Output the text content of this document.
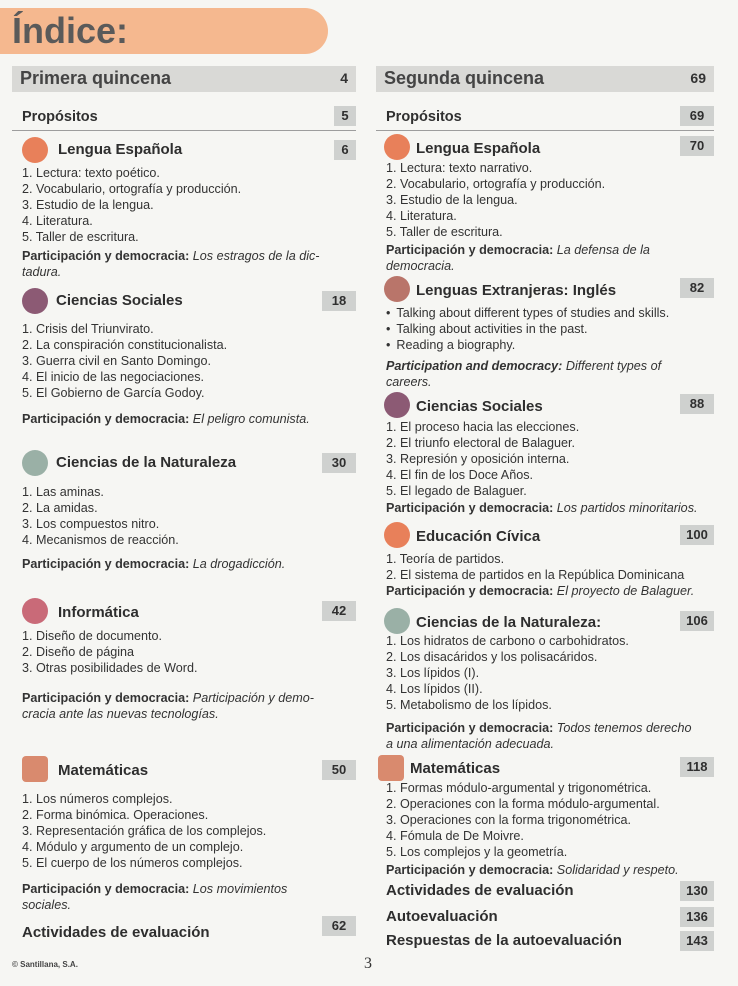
Índice:
Primera quincena	4
Propósitos	5
Lengua Española	6
1. Lectura: texto poético.
2. Vocabulario, ortografía y producción.
3. Estudio de la lengua.
4. Literatura.
5. Taller de escritura.
Participación y democracia: Los estragos de la dic-
tadura.
Ciencias Sociales	18
1. Crisis del Triunvirato.
2. La conspiración constitucionalista.
3. Guerra civil en Santo Domingo.
4. El inicio de las negociaciones.
5. El Gobierno de García Godoy.
Participación y democracia: El peligro comunista.
Ciencias de la Naturaleza	30
1. Las aminas.
2. La amidas.
3. Los compuestos nitro.
4. Mecanismos de reacción.
Participación y democracia: La drogadicción.
Informática	42
1. Diseño de documento.
2. Diseño de página
3. Otras posibilidades de Word.
Participación y democracia: Participación y demo-
cracia ante las nuevas tecnologías.
Matemáticas	50
1. Los números complejos.
2. Forma binómica. Operaciones.
3. Representación gráfica de los complejos.
4. Módulo y argumento de un complejo.
5. El cuerpo de los números complejos.
Participación y democracia: Los movimientos
sociales.
Actividades de evaluación	62
Segunda quincena	69
Propósitos	69
Lengua Española	70
1. Lectura: texto narrativo.
2. Vocabulario, ortografía y producción.
3. Estudio de la lengua.
4. Literatura.
5. Taller de escritura.
Participación y democracia: La defensa de la
democracia.
Lenguas Extranjeras: Inglés	82
• Talking about different types of studies and skills.
• Talking about activities in the past.
• Reading a biography.
Participation and democracy: Different types of
careers.
Ciencias Sociales	88
1. El proceso hacia las elecciones.
2. El triunfo electoral de Balaguer.
3. Represión y oposición interna.
4. El fin de los Doce Años.
5. El legado de Balaguer.
Participación y democracia: Los partidos minoritarios.
Educación Cívica	100
1. Teoría de partidos.
2. El sistema de partidos en la República Dominicana
Participación y democracia: El proyecto de Balaguer.
Ciencias de la Naturaleza:	106
1. Los hidratos de carbono o carbohidratos.
2. Los disacáridos y los polisacáridos.
3. Los lípidos (I).
4. Los lípidos (II).
5. Metabolismo de los lípidos.
Participación y democracia: Todos tenemos derecho
a una alimentación adecuada.
Matemáticas	118
1. Formas módulo-argumental y trigonométrica.
2. Operaciones con la forma módulo-argumental.
3. Operaciones con la forma trigonométrica.
4. Fómula de De Moivre.
5. Los complejos y la geometría.
Participación y democracia: Solidaridad y respeto.
Actividades de evaluación	130
Autoevaluación	136
Respuestas de la autoevaluación	143
© Santillana, S.A.	3
